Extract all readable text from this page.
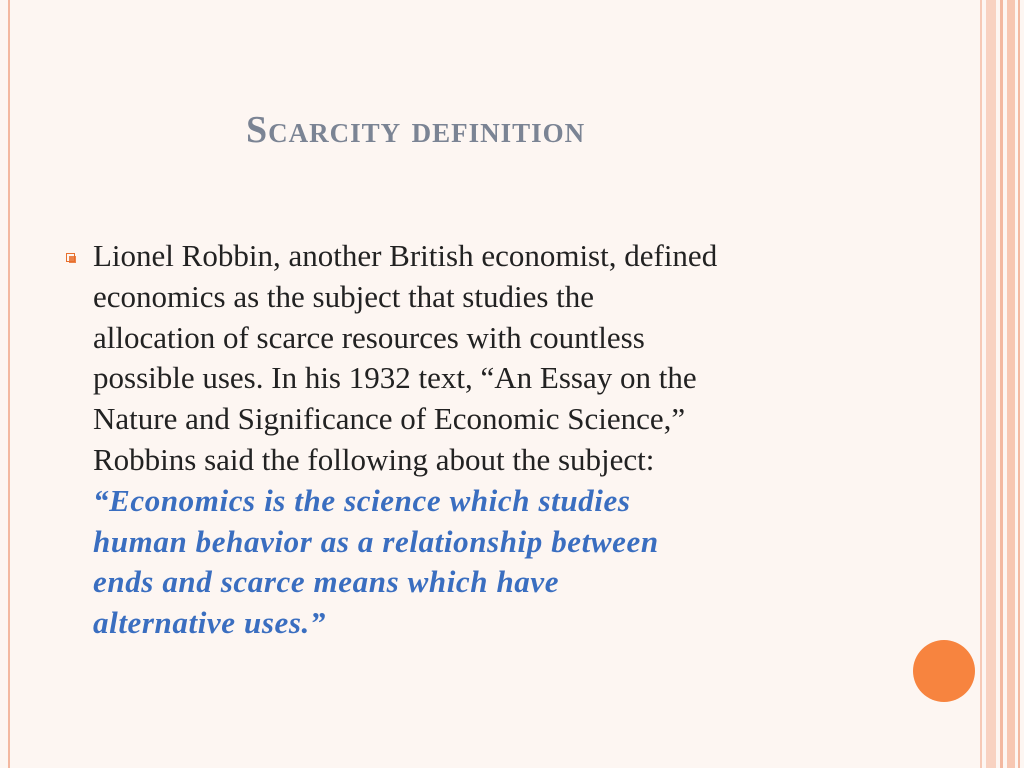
Scarcity definition

Lionel Robbin, another British economist, defined
economics as the subject that studies the
allocation of scarce resources with countless
possible uses. In his 1932 text, “An Essay on the
Nature and Significance of Economic Science,”
Robbins said the following about the subject:
“Economics is the science which studies
human behavior as a relationship between
ends and scarce means which have
alternative uses.”
